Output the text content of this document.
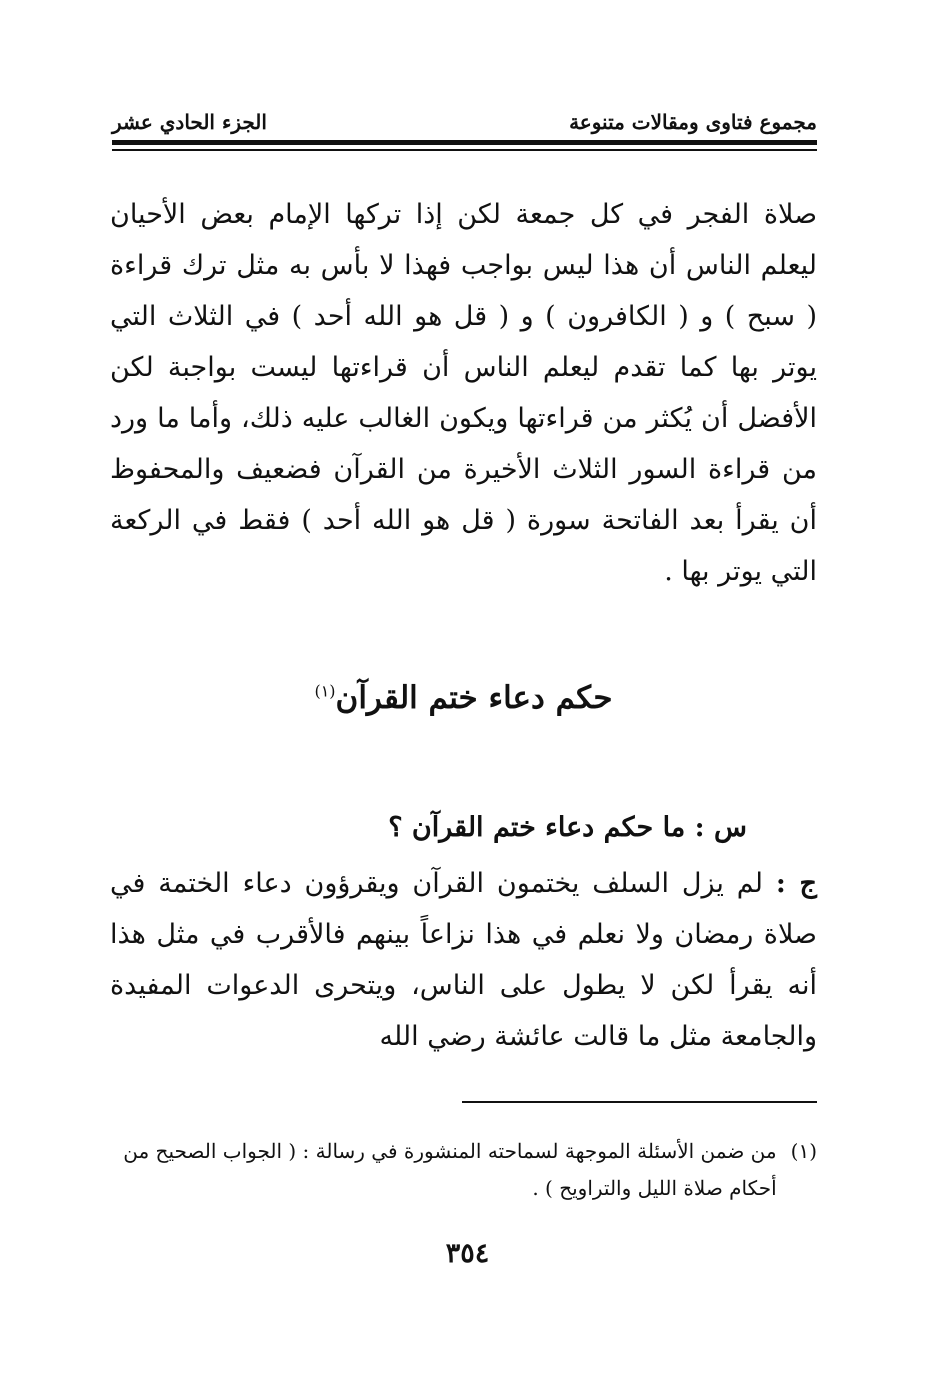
مجموع فتاوى ومقالات متنوعة
الجزء الحادي عشر

صلاة الفجر في كل جمعة لكن إذا تركها الإمام بعض الأحيان ليعلم الناس أن هذا ليس بواجب فهذا لا بأس به مثل ترك قراءة ( سبح ) و ( الكافرون ) و ( قل هو الله أحد ) في الثلاث التي يوتر بها كما تقدم ليعلم الناس أن قراءتها ليست بواجبة لكن الأفضل أن يُكثر من قراءتها ويكون الغالب عليه ذلك، وأما ما ورد من قراءة السور الثلاث الأخيرة من القرآن فضعيف والمحفوظ أن يقرأ بعد الفاتحة سورة ( قل هو الله أحد ) فقط في الركعة التي يوتر بها .

حكم دعاء ختم القرآن$^{(١)}$
س : ما حكم دعاء ختم القرآن ؟

ج : لم يزل السلف يختمون القرآن ويقرؤون دعاء الختمة في صلاة رمضان ولا نعلم في هذا نزاعاً بينهم فالأقرب في مثل هذا أنه يقرأ لكن لا يطول على الناس، ويتحرى الدعوات المفيدة والجامعة مثل ما قالت عائشة رضي الله

(١)
من ضمن الأسئلة الموجهة لسماحته المنشورة في رسالة : ( الجواب الصحيح من أحكام صلاة الليل والتراويح ) .
٣٥٤
